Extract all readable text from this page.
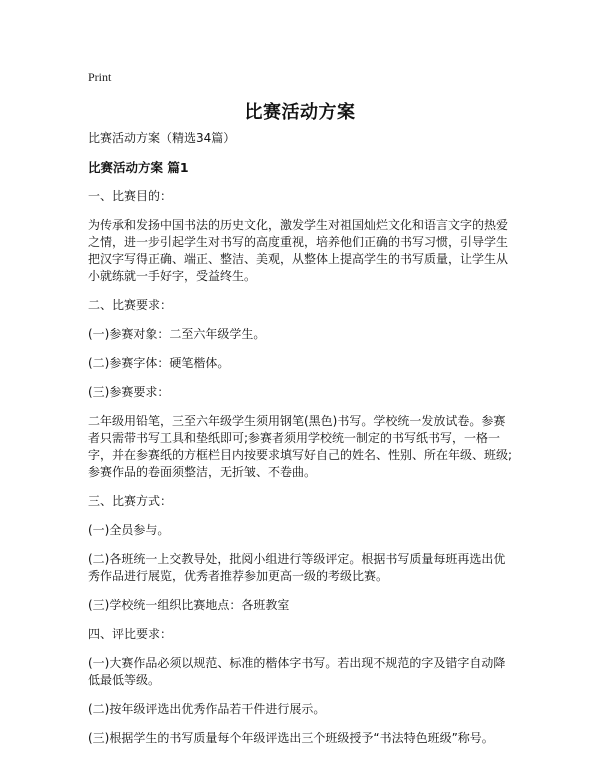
Print
比赛活动方案
比赛活动方案（精选34篇）
比赛活动方案 篇1
一、比赛目的：
为传承和发扬中国书法的历史文化，激发学生对祖国灿烂文化和语言文字的热爱之情，进一步引起学生对书写的高度重视，培养他们正确的书写习惯，引导学生把汉字写得正确、端正、整洁、美观，从整体上提高学生的书写质量，让学生从小就练就一手好字，受益终生。
二、比赛要求：
(一)参赛对象：二至六年级学生。
(二)参赛字体：硬笔楷体。
(三)参赛要求：
二年级用铅笔，三至六年级学生须用钢笔(黑色)书写。学校统一发放试卷。参赛者只需带书写工具和垫纸即可;参赛者须用学校统一制定的书写纸书写，一格一字，并在参赛纸的方框栏目内按要求填写好自己的姓名、性别、所在年级、班级;参赛作品的卷面须整洁，无折皱、不卷曲。
三、比赛方式：
(一)全员参与。
(二)各班统一上交教导处，批阅小组进行等级评定。根据书写质量每班再选出优秀作品进行展览，优秀者推荐参加更高一级的考级比赛。
(三)学校统一组织比赛地点：各班教室
四、评比要求：
(一)大赛作品必须以规范、标准的楷体字书写。若出现不规范的字及错字自动降低最低等级。
(二)按年级评选出优秀作品若干件进行展示。
(三)根据学生的书写质量每个年级评选出三个班级授予“书法特色班级”称号。
